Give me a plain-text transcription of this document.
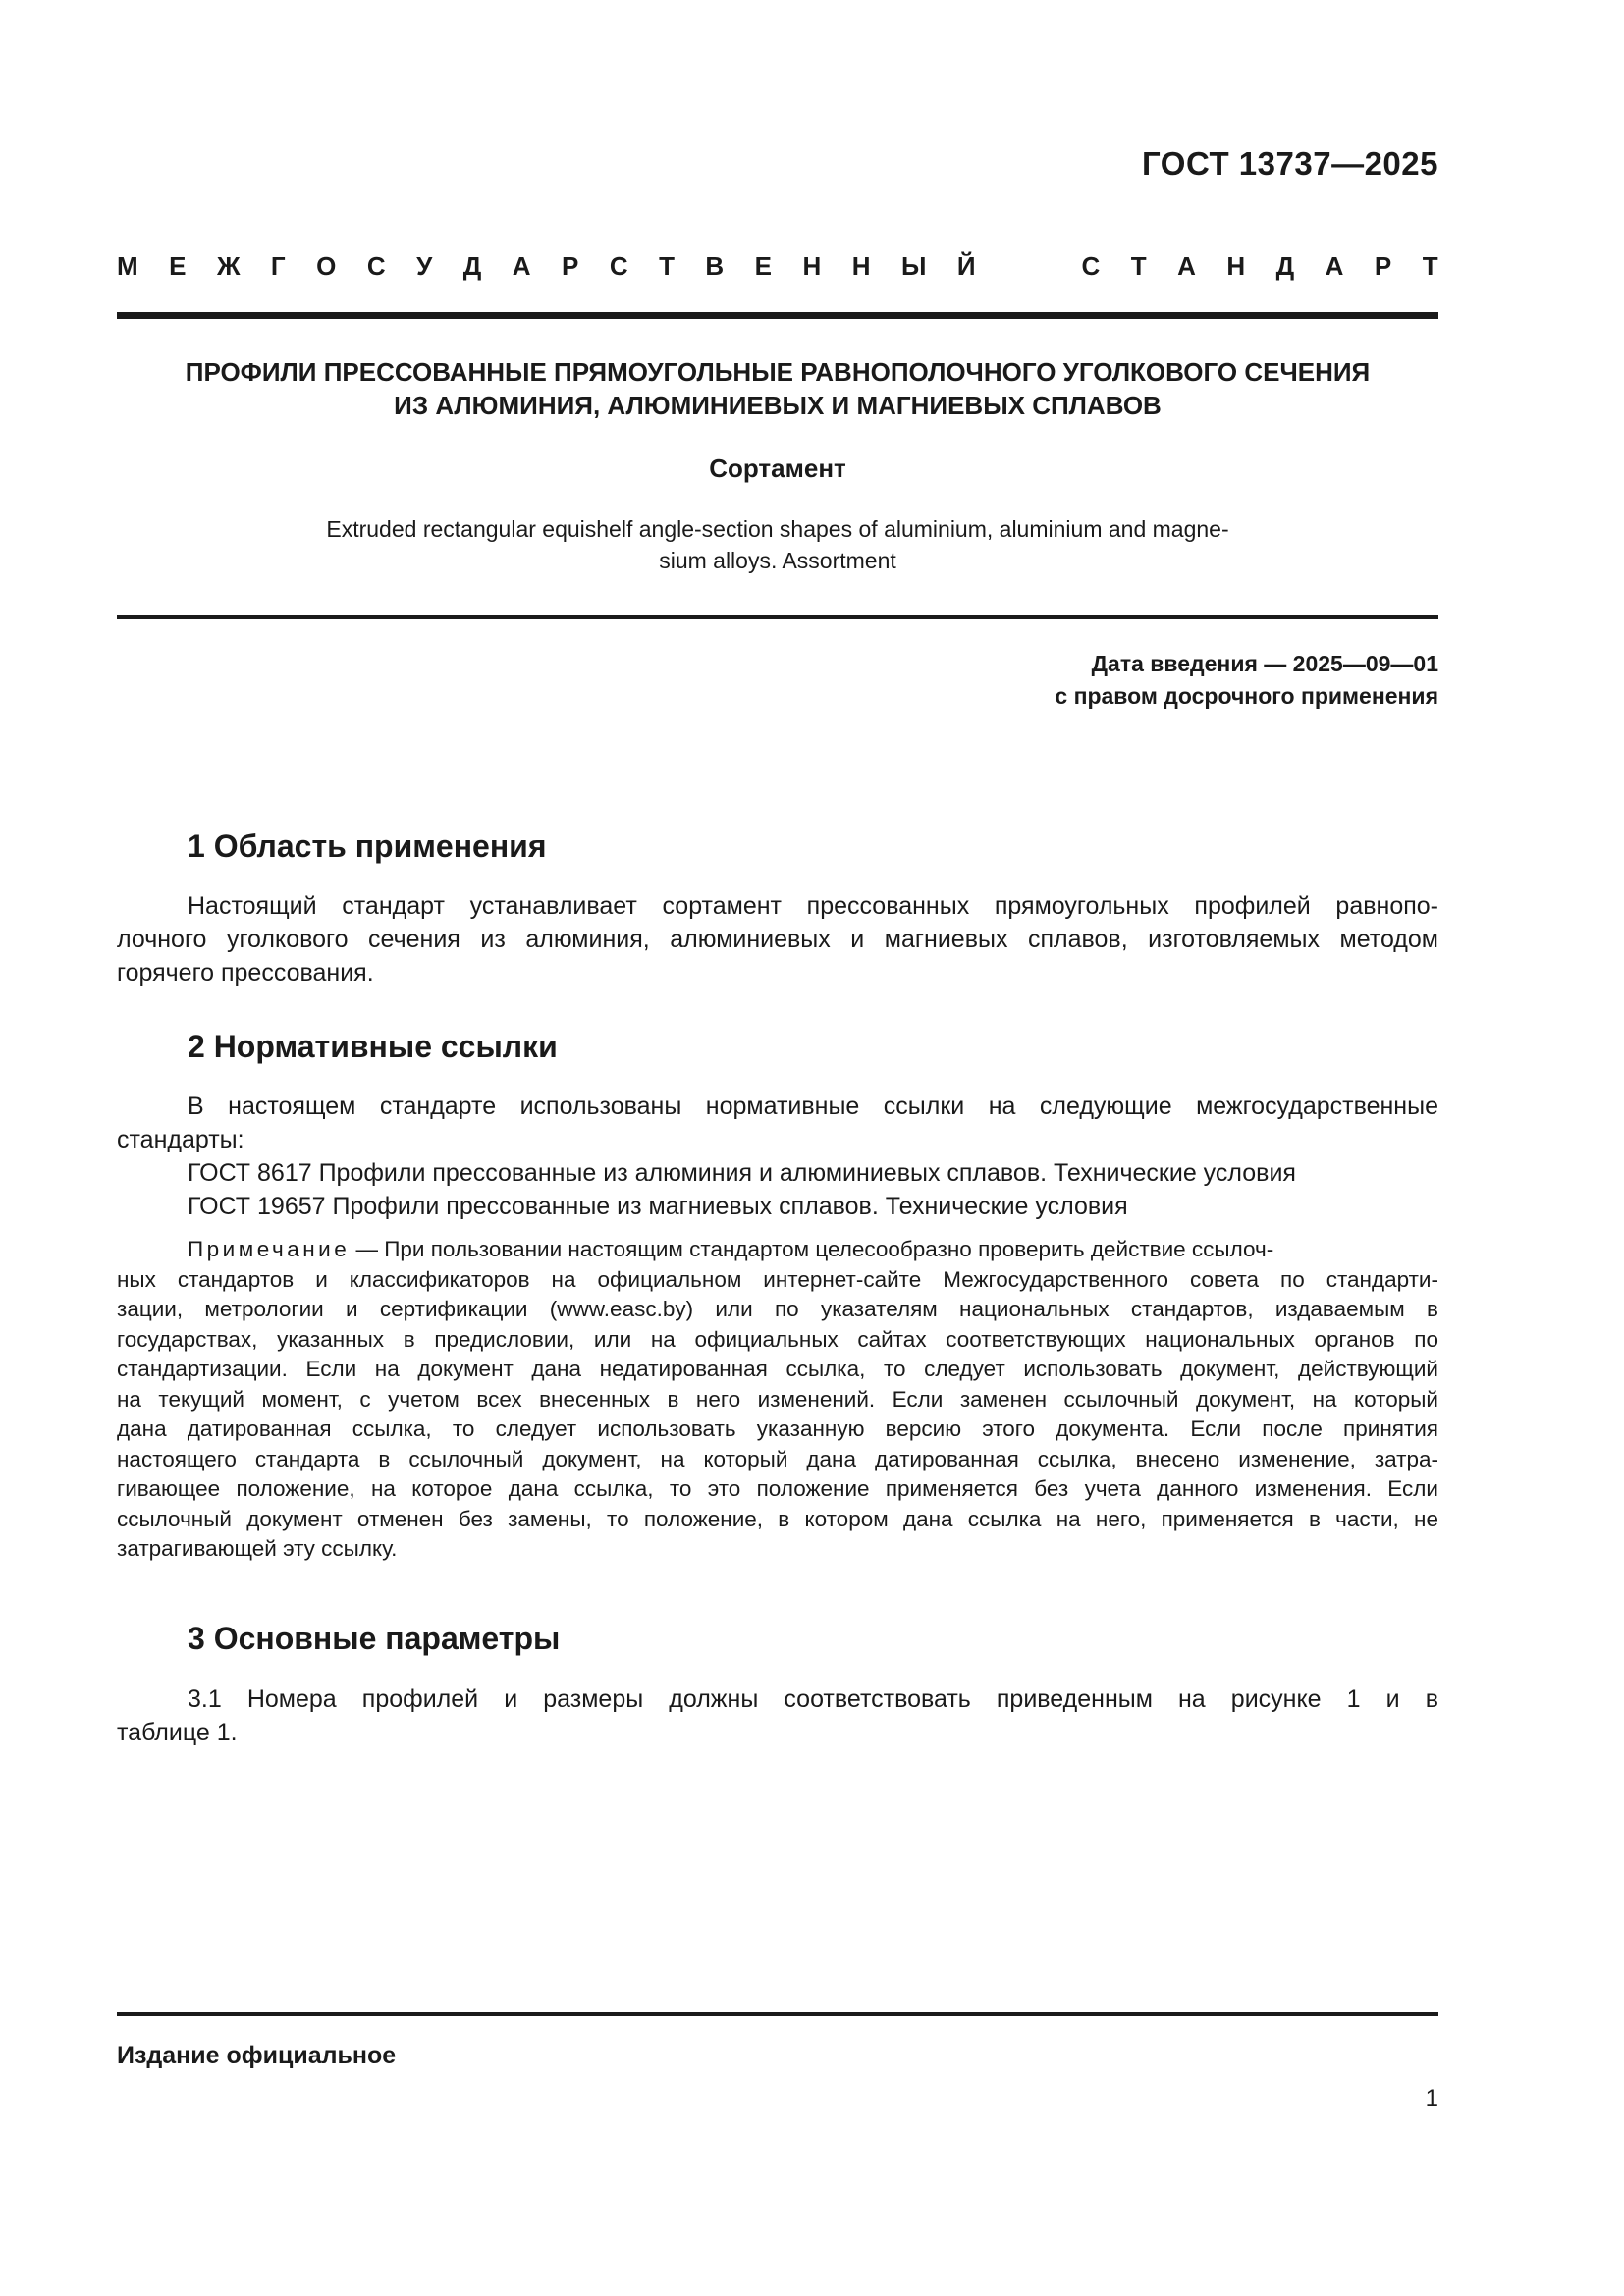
ГОСТ 13737—2025
М Е Ж Г О С У Д А Р С Т В Е Н Н Ы Й	С Т А Н Д А Р Т
ПРОФИЛИ ПРЕССОВАННЫЕ ПРЯМОУГОЛЬНЫЕ РАВНОПОЛОЧНОГО УГОЛКОВОГО СЕЧЕНИЯ
ИЗ АЛЮМИНИЯ, АЛЮМИНИЕВЫХ И МАГНИЕВЫХ СПЛАВОВ
Сортамент
Extruded rectangular equishelf angle-section shapes of aluminium, aluminium and magne-
sium alloys. Assortment
Дата введения — 2025—09—01
с правом досрочного применения
1 Область применения
Настоящий стандарт устанавливает сортамент прессованных прямоугольных профилей равнопо-
лочного уголкового сечения из алюминия, алюминиевых и магниевых сплавов, изготовляемых методом
горячего прессования.
2 Нормативные ссылки
В настоящем стандарте использованы нормативные ссылки на следующие межгосударственные
стандарты:
ГОСТ 8617 Профили прессованные из алюминия и алюминиевых сплавов. Технические условия
ГОСТ 19657 Профили прессованные из магниевых сплавов. Технические условия
Примечание — При пользовании настоящим стандартом целесообразно проверить действие ссылоч-
ных стандартов и классификаторов на официальном интернет-сайте Межгосударственного совета по стандарти-
зации, метрологии и сертификации (www.easc.by) или по указателям национальных стандартов, издаваемым в
государствах, указанных в предисловии, или на официальных сайтах соответствующих национальных органов по
стандартизации. Если на документ дана недатированная ссылка, то следует использовать документ, действующий
на текущий момент, с учетом всех внесенных в него изменений. Если заменен ссылочный документ, на который
дана датированная ссылка, то следует использовать указанную версию этого документа. Если после принятия
настоящего стандарта в ссылочный документ, на который дана датированная ссылка, внесено изменение, затра-
гивающее положение, на которое дана ссылка, то это положение применяется без учета данного изменения. Если
ссылочный документ отменен без замены, то положение, в котором дана ссылка на него, применяется в части, не
затрагивающей эту ссылку.
3 Основные параметры
3.1 Номера профилей и размеры должны соответствовать приведенным на рисунке 1 и в
таблице 1.
Издание официальное
1
